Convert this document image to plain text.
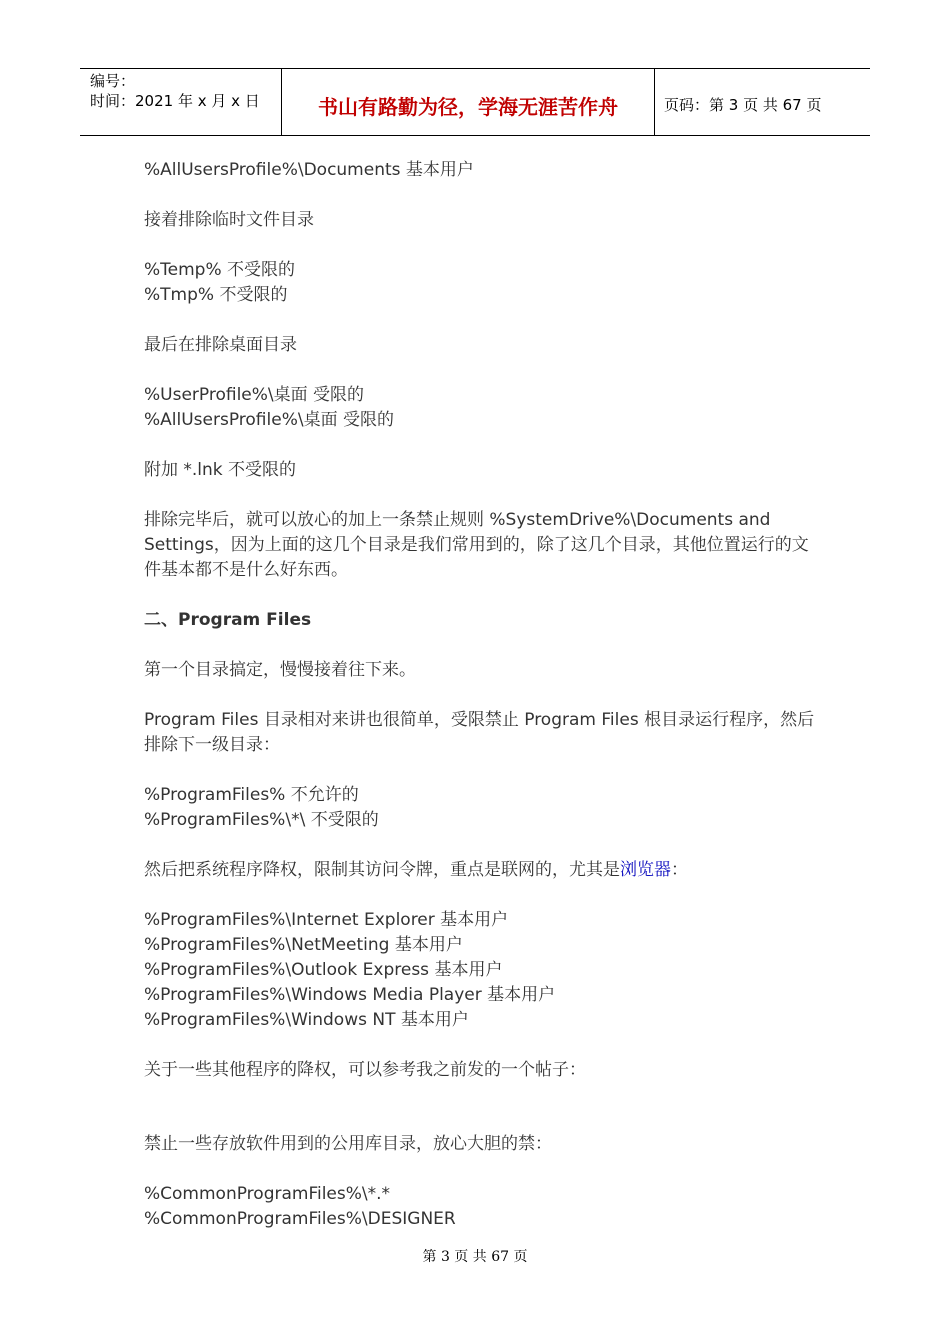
编号：
时间：2021 年 x 月 x 日	书山有路勤为径，学海无涯苦作舟	页码：第 3 页 共 67 页

%AllUsersProfile%\Documents 基本用户

接着排除临时文件目录

%Temp% 不受限的

%Tmp% 不受限的

最后在排除桌面目录

%UserProfile%\桌面 受限的

%AllUsersProfile%\桌面 受限的

附加 *.lnk 不受限的

排除完毕后，就可以放心的加上一条禁止规则 %SystemDrive%\Documents and Settings，因为上面的这几个目录是我们常用到的，除了这几个目录，其他位置运行的文件基本都不是什么好东西。

二、Program Files

第一个目录搞定，慢慢接着往下来。

Program Files 目录相对来讲也很简单，受限禁止 Program Files 根目录运行程序，然后排除下一级目录：

%ProgramFiles% 不允许的

%ProgramFiles%\*\ 不受限的

然后把系统程序降权，限制其访问令牌，重点是联网的，尤其是浏览器：

%ProgramFiles%\Internet Explorer 基本用户

%ProgramFiles%\NetMeeting 基本用户

%ProgramFiles%\Outlook Express 基本用户

%ProgramFiles%\Windows Media Player 基本用户

%ProgramFiles%\Windows NT 基本用户

关于一些其他程序的降权，可以参考我之前发的一个帖子：

禁止一些存放软件用到的公用库目录，放心大胆的禁：

%CommonProgramFiles%\*.*

%CommonProgramFiles%\DESIGNER

第 3 页 共 67 页
